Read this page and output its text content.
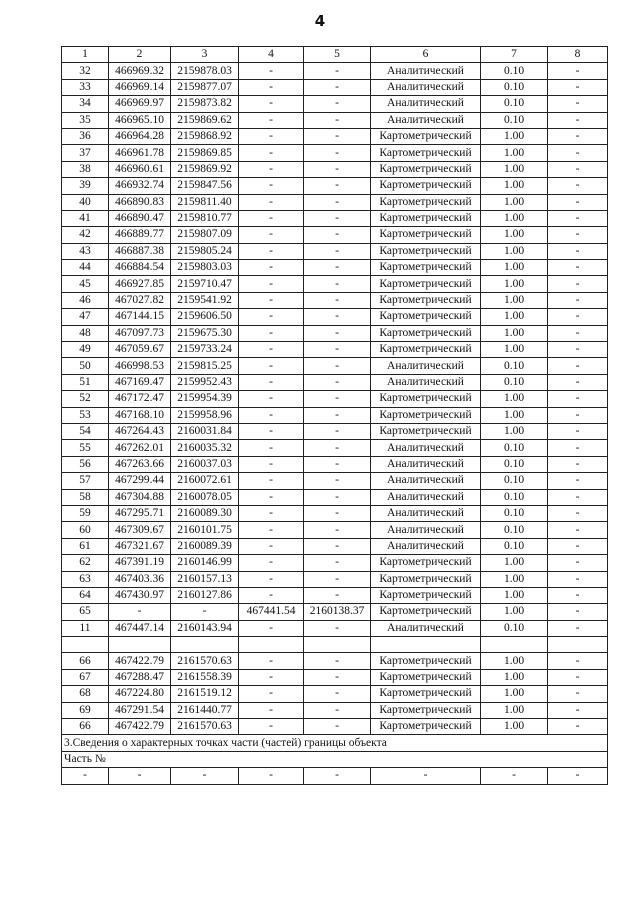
4
1	2	3	4	5	6	7	8
32	466969.32	2159878.03	-	-	Аналитический	0.10	-
33	466969.14	2159877.07	-	-	Аналитический	0.10	-
34	466969.97	2159873.82	-	-	Аналитический	0.10	-
35	466965.10	2159869.62	-	-	Аналитический	0.10	-
36	466964.28	2159868.92	-	-	Картометрический	1.00	-
37	466961.78	2159869.85	-	-	Картометрический	1.00	-
38	466960.61	2159869.92	-	-	Картометрический	1.00	-
39	466932.74	2159847.56	-	-	Картометрический	1.00	-
40	466890.83	2159811.40	-	-	Картометрический	1.00	-
41	466890.47	2159810.77	-	-	Картометрический	1.00	-
42	466889.77	2159807.09	-	-	Картометрический	1.00	-
43	466887.38	2159805.24	-	-	Картометрический	1.00	-
44	466884.54	2159803.03	-	-	Картометрический	1.00	-
45	466927.85	2159710.47	-	-	Картометрический	1.00	-
46	467027.82	2159541.92	-	-	Картометрический	1.00	-
47	467144.15	2159606.50	-	-	Картометрический	1.00	-
48	467097.73	2159675.30	-	-	Картометрический	1.00	-
49	467059.67	2159733.24	-	-	Картометрический	1.00	-
50	466998.53	2159815.25	-	-	Аналитический	0.10	-
51	467169.47	2159952.43	-	-	Аналитический	0.10	-
52	467172.47	2159954.39	-	-	Картометрический	1.00	-
53	467168.10	2159958.96	-	-	Картометрический	1.00	-
54	467264.43	2160031.84	-	-	Картометрический	1.00	-
55	467262.01	2160035.32	-	-	Аналитический	0.10	-
56	467263.66	2160037.03	-	-	Аналитический	0.10	-
57	467299.44	2160072.61	-	-	Аналитический	0.10	-
58	467304.88	2160078.05	-	-	Аналитический	0.10	-
59	467295.71	2160089.30	-	-	Аналитический	0.10	-
60	467309.67	2160101.75	-	-	Аналитический	0.10	-
61	467321.67	2160089.39	-	-	Аналитический	0.10	-
62	467391.19	2160146.99	-	-	Картометрический	1.00	-
63	467403.36	2160157.13	-	-	Картометрический	1.00	-
64	467430.97	2160127.86	-	-	Картометрический	1.00	-
65	-	-	467441.54	2160138.37	Картометрический	1.00	-
11	467447.14	2160143.94	-	-	Аналитический	0.10	-

66	467422.79	2161570.63	-	-	Картометрический	1.00	-
67	467288.47	2161558.39	-	-	Картометрический	1.00	-
68	467224.80	2161519.12	-	-	Картометрический	1.00	-
69	467291.54	2161440.77	-	-	Картометрический	1.00	-
66	467422.79	2161570.63	-	-	Картометрический	1.00	-
3.Сведения о характерных точках части (частей) границы объекта							
Часть №							
-	-	-	-	-	-	-	-
